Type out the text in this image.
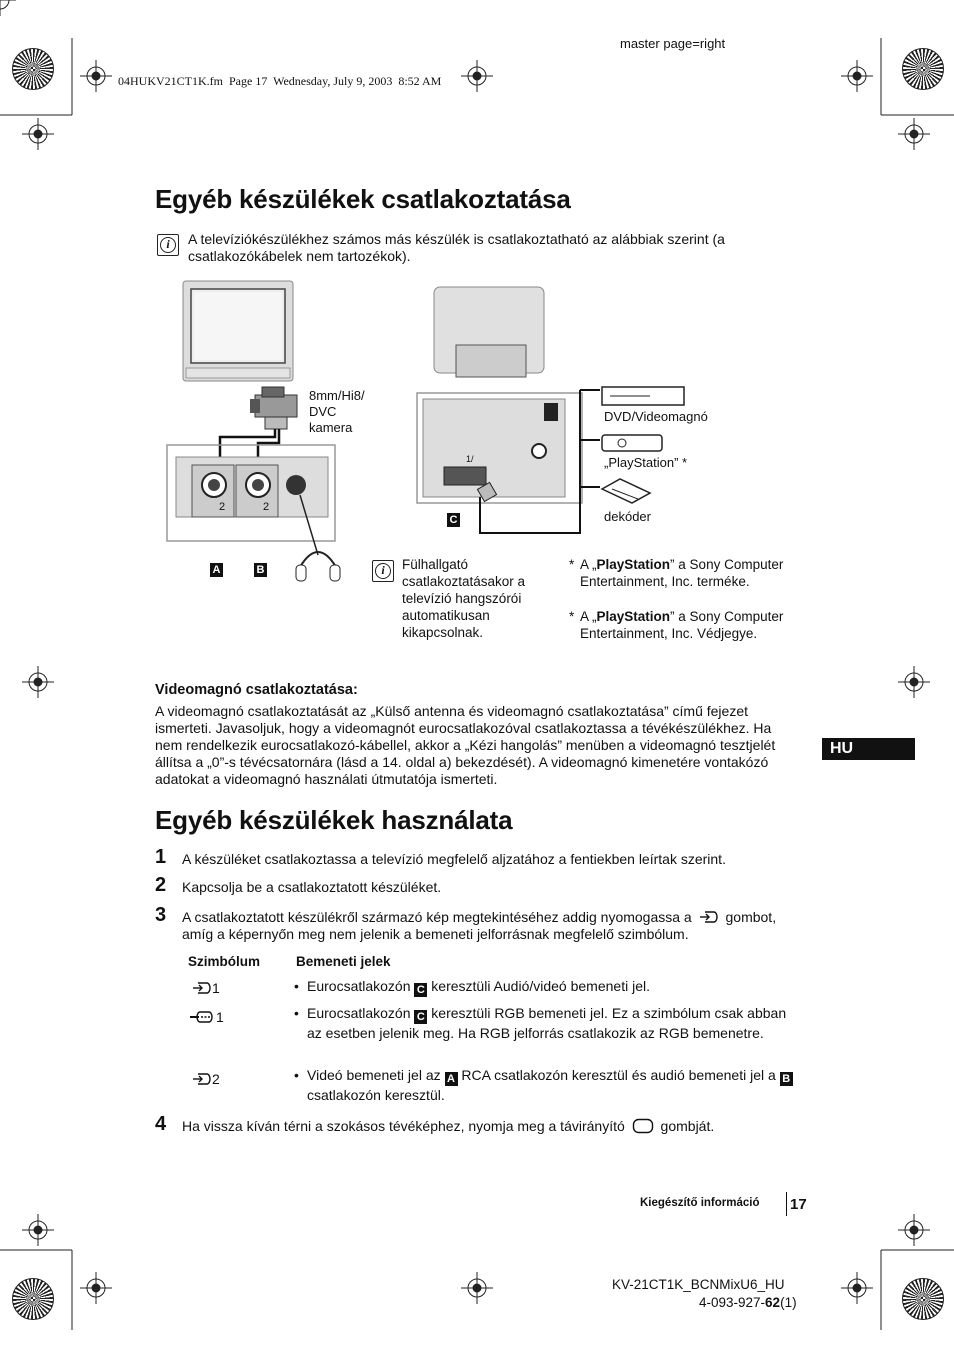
master page=right
04HUKV21CT1K.fm  Page 17  Wednesday, July 9, 2003  8:52 AM
Egyéb készülékek csatlakoztatása
i	A televíziókészülékhez számos más készülék is csatlakoztatható az alábbiak szerint (a csatlakozókábelek nem tartozékok).
8mm/Hi8/
DVC
kamera
A	B
C
2	2
1/
DVD/Videomagnó
„PlayStation” *
dekóder
i	Fülhallgató csatlakoztatásakor a televízió hangszórói automatikusan kikapcsolnak.
* A „PlayStation” a Sony Computer Entertainment, Inc. terméke.
* A „PlayStation” a Sony Computer Entertainment, Inc. Védjegye.
Videomagnó csatlakoztatása:
A videomagnó csatlakoztatását az „Külső antenna és videomagnó csatlakoztatása” című fejezet ismerteti. Javasoljuk, hogy a videomagnót eurocsatlakozóval csatlakoztassa a tévékészülékhez. Ha nem rendelkezik eurocsatlakozó-kábellel, akkor a „Kézi hangolás” menüben a videomagnó tesztjelét állítsa a „0”-s tévécsatornára (lásd a 14. oldal a) bekezdését). A videomagnó kimenetére vontakózó adatokat a videomagnó használati útmutatója ismerteti.
HU
Egyéb készülékek használata
1 A készüléket csatlakoztassa a televízió megfelelő aljzatához a fentiekben leírtak szerint.
2 Kapcsolja be a csatlakoztatott készüléket.
3 A csatlakoztatott készülékről származó kép megtekintéséhez addig nyomogassa a gombot, amíg a képernyőn meg nem jelenik a bemeneti jelforrásnak megfelelő szimbólum.
Szimbólum	Bemeneti jelek
1	• Eurocsatlakozón C keresztüli Audió/videó bemeneti jel.
1	• Eurocsatlakozón C keresztüli RGB bemeneti jel. Ez a szimbólum csak abban az esetben jelenik meg. Ha RGB jelforrás csatlakozik az RGB bemenetre.
2	• Videó bemeneti jel az A RCA csatlakozón keresztül és audió bemeneti jel a B csatlakozón keresztül.
4 Ha vissza kíván térni a szokásos tévéképhez, nyomja meg a távirányító	gombját.
Kiegészítő információ 17
KV-21CT1K_BCNMixU6_HU
4-093-927-62(1)
